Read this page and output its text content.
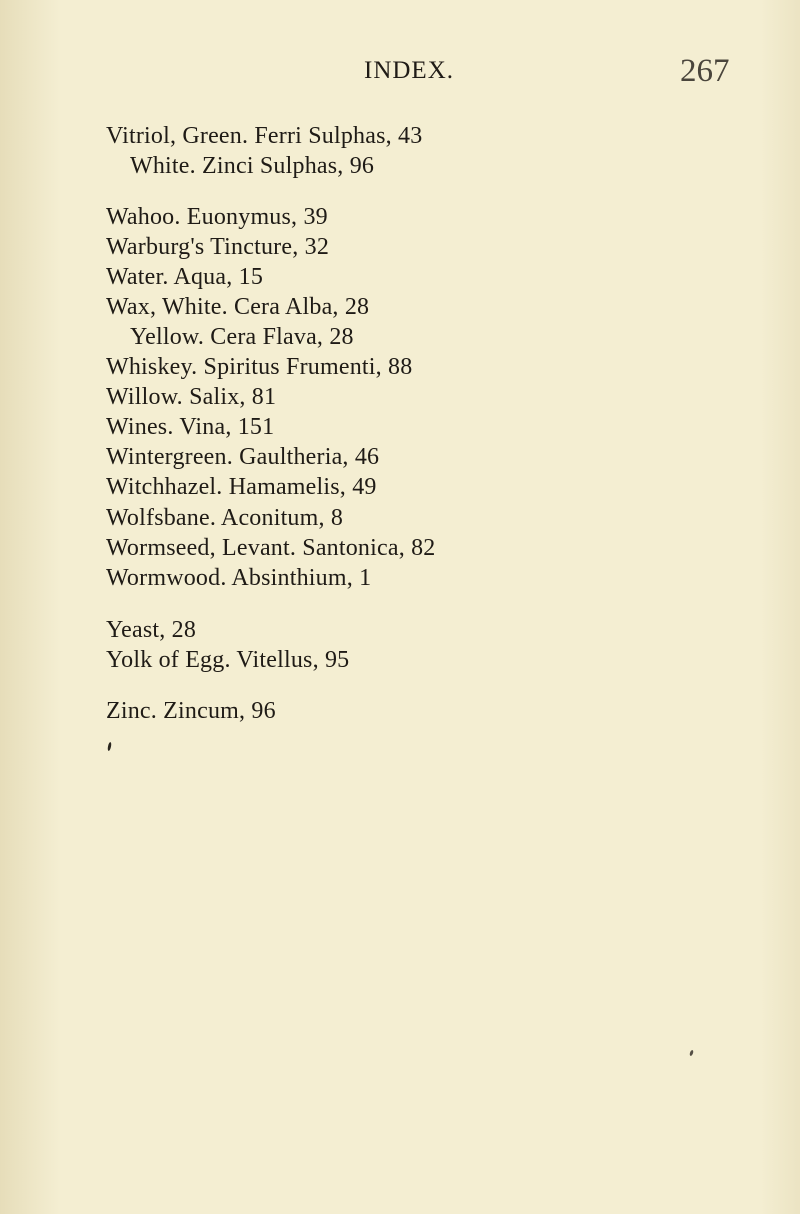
INDEX.	267
Vitriol, Green. Ferri Sulphas, 43
White. Zinci Sulphas, 96
Wahoo. Euonymus, 39
Warburg's Tincture, 32
Water. Aqua, 15
Wax, White. Cera Alba, 28
Yellow. Cera Flava, 28
Whiskey. Spiritus Frumenti, 88
Willow. Salix, 81
Wines. Vina, 151
Wintergreen. Gaultheria, 46
Witchhazel. Hamamelis, 49
Wolfsbane. Aconitum, 8
Wormseed, Levant. Santonica, 82
Wormwood. Absinthium, 1
Yeast, 28
Yolk of Egg. Vitellus, 95
Zinc. Zincum, 96
